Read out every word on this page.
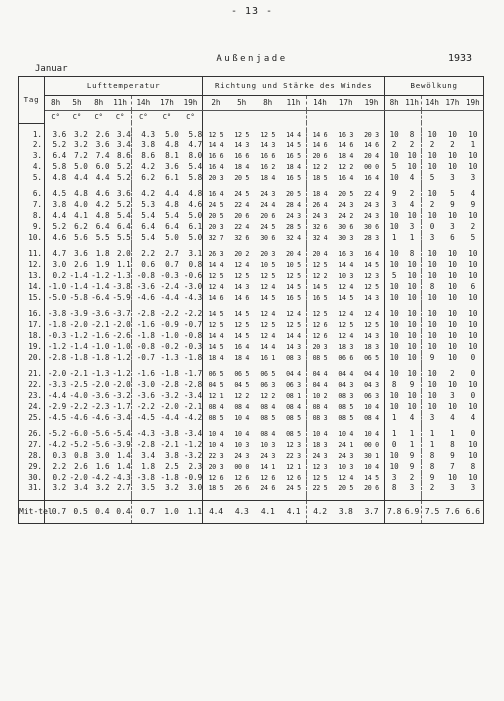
- 13 -
Außenjade
Januar
1933
Tag	Lufttemperatur							Richtung und Stärke des Windes							Bewölkung				
	8h	5h	8h	11h	14h	17h	19h	2h	5h	8h	11h	14h	17h	19h	8h	11h	14h	17h	19h
	C°	C°	C°	C°	C°	C°	C°												

1.	3.6	3.2	2.6	3.4	4.3	5.0	5.8	12 5	12 5	12 5	14 4	14 6	16 3	20 3	10	8	10	10	10
2.	5.2	3.2	3.6	3.4	3.8	4.8	4.7	14 4	14 3	14 3	14 5	14 6	14 6	14 6	2	2	2	2	1
3.	6.4	7.2	7.4	8.6	8.6	8.1	8.0	16 6	16 6	16 6	16 5	20 6	18 4	20 4	10	10	10	10	10
4.	5.8	5.0	6.0	5.2	4.2	3.6	5.4	16 4	18 4	16 2	18 4	12 2	12 2	00 0	5	10	10	10	10
5.	4.8	4.4	4.4	5.2	6.2	6.1	5.8	20 3	20 5	18 4	16 5	18 5	16 4	16 4	10	4	5	3	3

6.	4.5	4.8	4.6	3.6	4.2	4.4	4.8	16 4	24 5	24 3	20 5	18 4	20 5	22 4	9	2	10	5	4
7.	3.8	4.0	4.2	5.2	5.3	4.8	4.6	24 5	22 4	24 4	28 4	26 4	24 3	24 3	3	4	2	9	9
8.	4.4	4.1	4.8	5.4	5.4	5.4	5.0	20 5	20 6	20 6	24 3	24 3	24 2	24 3	10	10	10	10	10
9.	5.2	6.2	6.4	6.4	6.4	6.4	6.1	20 3	22 4	24 5	28 5	32 6	30 6	30 6	10	3	0	3	2
10.	4.6	5.6	5.5	5.5	5.4	5.0	5.0	32 7	32 6	30 6	32 4	32 4	30 3	28 3	1	1	3	6	5

11.	4.7	3.6	1.8	2.0	2.2	2.7	3.1	26 3	20 2	20 3	20 4	20 4	16 3	16 4	10	8	10	10	10
12.	3.0	2.6	1.9	1.1	0.6	0.7	0.8	14 4	12 4	10 5	10 5	12 5	14 4	14 5	10	10	10	10	10
13.	0.2	-1.4	-1.2	-1.3	-0.8	-0.3	-0.6	12 5	12 5	12 5	12 5	12 2	10 3	12 3	5	10	10	10	10
14.	-1.0	-1.4	-1.4	-3.8	-3.6	-2.4	-3.0	12 4	14 3	12 4	14 5	14 5	12 4	12 5	10	10	8	10	6
15.	-5.0	-5.8	-6.4	-5.9	-4.6	-4.4	-4.3	14 6	14 6	14 5	16 5	16 5	14 5	14 3	10	10	10	10	10

16.	-3.8	-3.9	-3.6	-3.7	-2.8	-2.2	-2.2	14 5	14 5	12 4	12 4	12 5	12 4	12 4	10	10	10	10	10
17.	-1.8	-2.0	-2.1	-2.0	-1.6	-0.9	-0.7	12 5	12 5	12 5	12 5	12 6	12 5	12 5	10	10	10	10	10
18.	-0.3	-1.2	-1.6	-2.6	-1.8	-1.0	-0.8	14 4	14 5	12 4	14 4	12 6	12 4	14 3	10	10	10	10	10
19.	-1.2	-1.4	-1.0	-1.0	-0.8	-0.2	-0.3	14 5	16 4	14 4	14 3	20 3	18 3	18 3	10	10	10	10	10
20.	-2.8	-1.8	-1.8	-1.2	-0.7	-1.3	-1.8	18 4	18 4	16 1	08 3	08 5	06 6	06 5	10	10	9	10	0

21.	-2.0	-2.1	-1.3	-1.2	-1.6	-1.8	-1.7	06 5	06 5	06 5	04 4	04 4	04 4	04 4	10	10	10	2	0
22.	-3.3	-2.5	-2.0	-2.0	-3.0	-2.8	-2.8	04 5	04 5	06 3	06 3	04 4	04 3	04 3	8	9	10	10	10
23.	-4.4	-4.0	-3.6	-3.2	-3.6	-3.2	-3.4	12 1	12 2	12 2	08 1	10 2	08 3	06 3	10	10	10	3	0
24.	-2.9	-2.2	-2.3	-1.7	-2.2	-2.0	-2.1	08 4	08 4	08 4	08 4	08 4	08 5	10 4	10	10	10	10	10
25.	-4.5	-4.6	-4.6	-3.4	-4.5	-4.4	-4.2	08 5	10 4	08 5	08 5	08 3	08 5	08 4	1	4	3	4	4

26.	-5.2	-6.0	-5.6	-5.4	-4.3	-3.8	-3.4	10 4	10 4	08 4	08 5	10 4	10 4	10 4	1	1	1	1	0
27.	-4.2	-5.2	-5.6	-3.9	-2.8	-2.1	-1.2	10 4	10 3	10 3	12 3	18 3	24 1	00 0	0	1	1	8	10
28.	0.3	0.8	3.0	1.4	3.4	3.8	-3.2	22 3	24 3	24 3	22 3	24 3	24 3	30 1	10	9	8	9	10
29.	2.2	2.6	1.6	1.4	1.8	2.5	2.3	20 3	00 0	14 1	12 1	12 3	10 3	10 4	10	9	8	7	8
30.	0.2	-2.0	-4.2	-4.3	-3.8	-1.8	-0.9	12 6	12 6	12 6	12 6	12 5	12 4	14 5	3	2	9	10	10
31.	3.2	3.4	3.2	2.7	3.5	3.2	3.0	18 5	26 6	24 6	24 5	22 5	20 5	20 6	8	3	2	3	3

Mit-tel	0.7	0.5	0.4	0.4	0.7	1.0	1.1	4.4	4.3	4.1	4.1	4.2	3.8	3.7	7.8	6.9	7.5	7.6	6.6
